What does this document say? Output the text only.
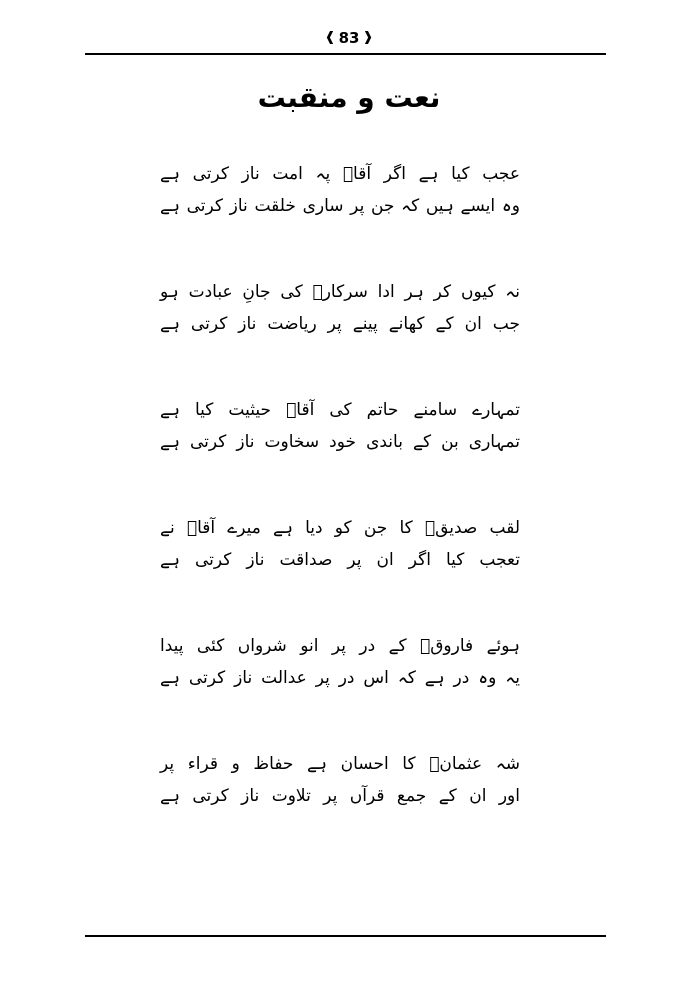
❰ 83 ❱
نعت و منقبت
عجب کیا ہے اگر آقاؐ پہ امت ناز کرتی ہے
وہ ایسے ہیں کہ جن پر ساری خلقت ناز کرتی ہے
نہ کیوں کر ہر ادا سرکارؐ کی جانِ عبادت ہو
جب ان کے کھانے پینے پر ریاضت ناز کرتی ہے
تمہارے سامنے حاتم کی آقاؐ حیثیت کیا ہے
تمہاری بن کے باندی خود سخاوت ناز کرتی ہے
لقب صدیقؓ کا جن کو دیا ہے میرے آقاؐ نے
تعجب کیا اگر ان پر صداقت ناز کرتی ہے
ہوئے فاروقؓ کے در پر انو شرواں کئی پیدا
یہ وہ در ہے کہ اس در پر عدالت ناز کرتی ہے
شہ عثمانؓ کا احسان ہے حفاظ و قراء پر
اور ان کے جمع قرآں پر تلاوت ناز کرتی ہے
